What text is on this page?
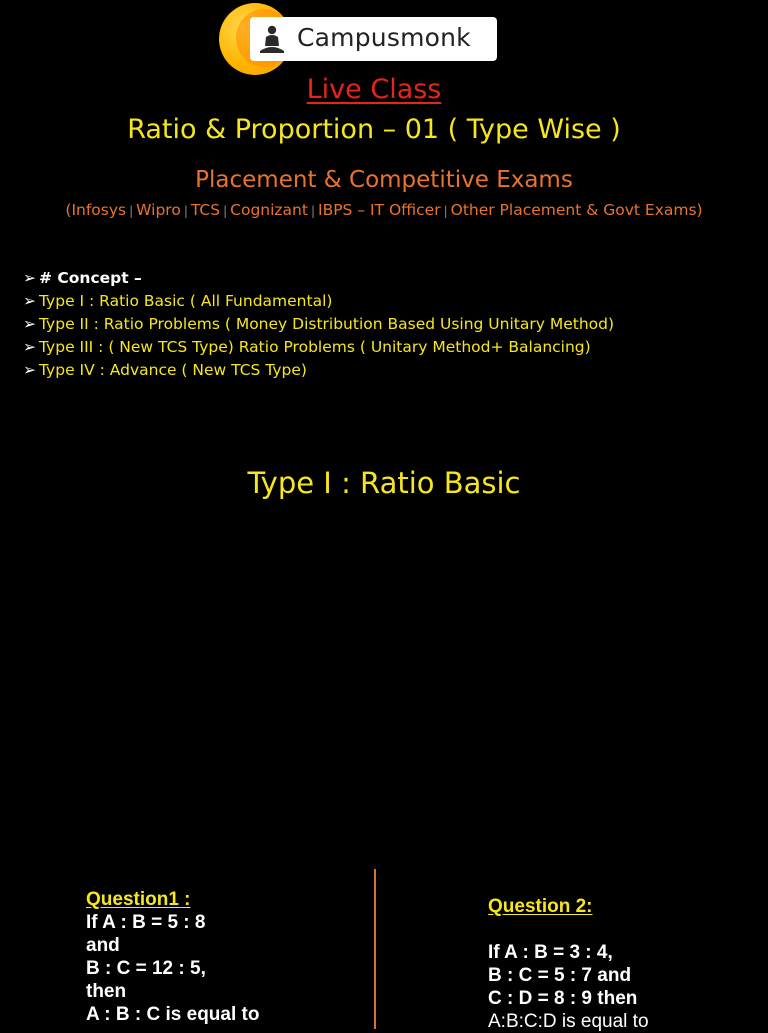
Campusmonk
Live Class
Ratio & Proportion – 01 ( Type Wise )
Placement & Competitive Exams
(Infosys | Wipro | TCS | Cognizant | IBPS – IT Officer | Other Placement & Govt Exams)
➢ # Concept –
➢ Type I : Ratio Basic ( All Fundamental)
➢ Type II : Ratio Problems ( Money Distribution Based Using Unitary Method)
➢ Type III : ( New TCS Type) Ratio Problems ( Unitary Method+ Balancing)
➢ Type IV : Advance ( New TCS Type)
Type I : Ratio Basic
Question1 :
If A : B = 5 : 8
and
B : C = 12 : 5,
then
A : B : C is equal to
Question 2:
If A : B = 3 : 4,
B : C = 5 : 7 and
C : D = 8 : 9 then
A:B:C:D is equal to
